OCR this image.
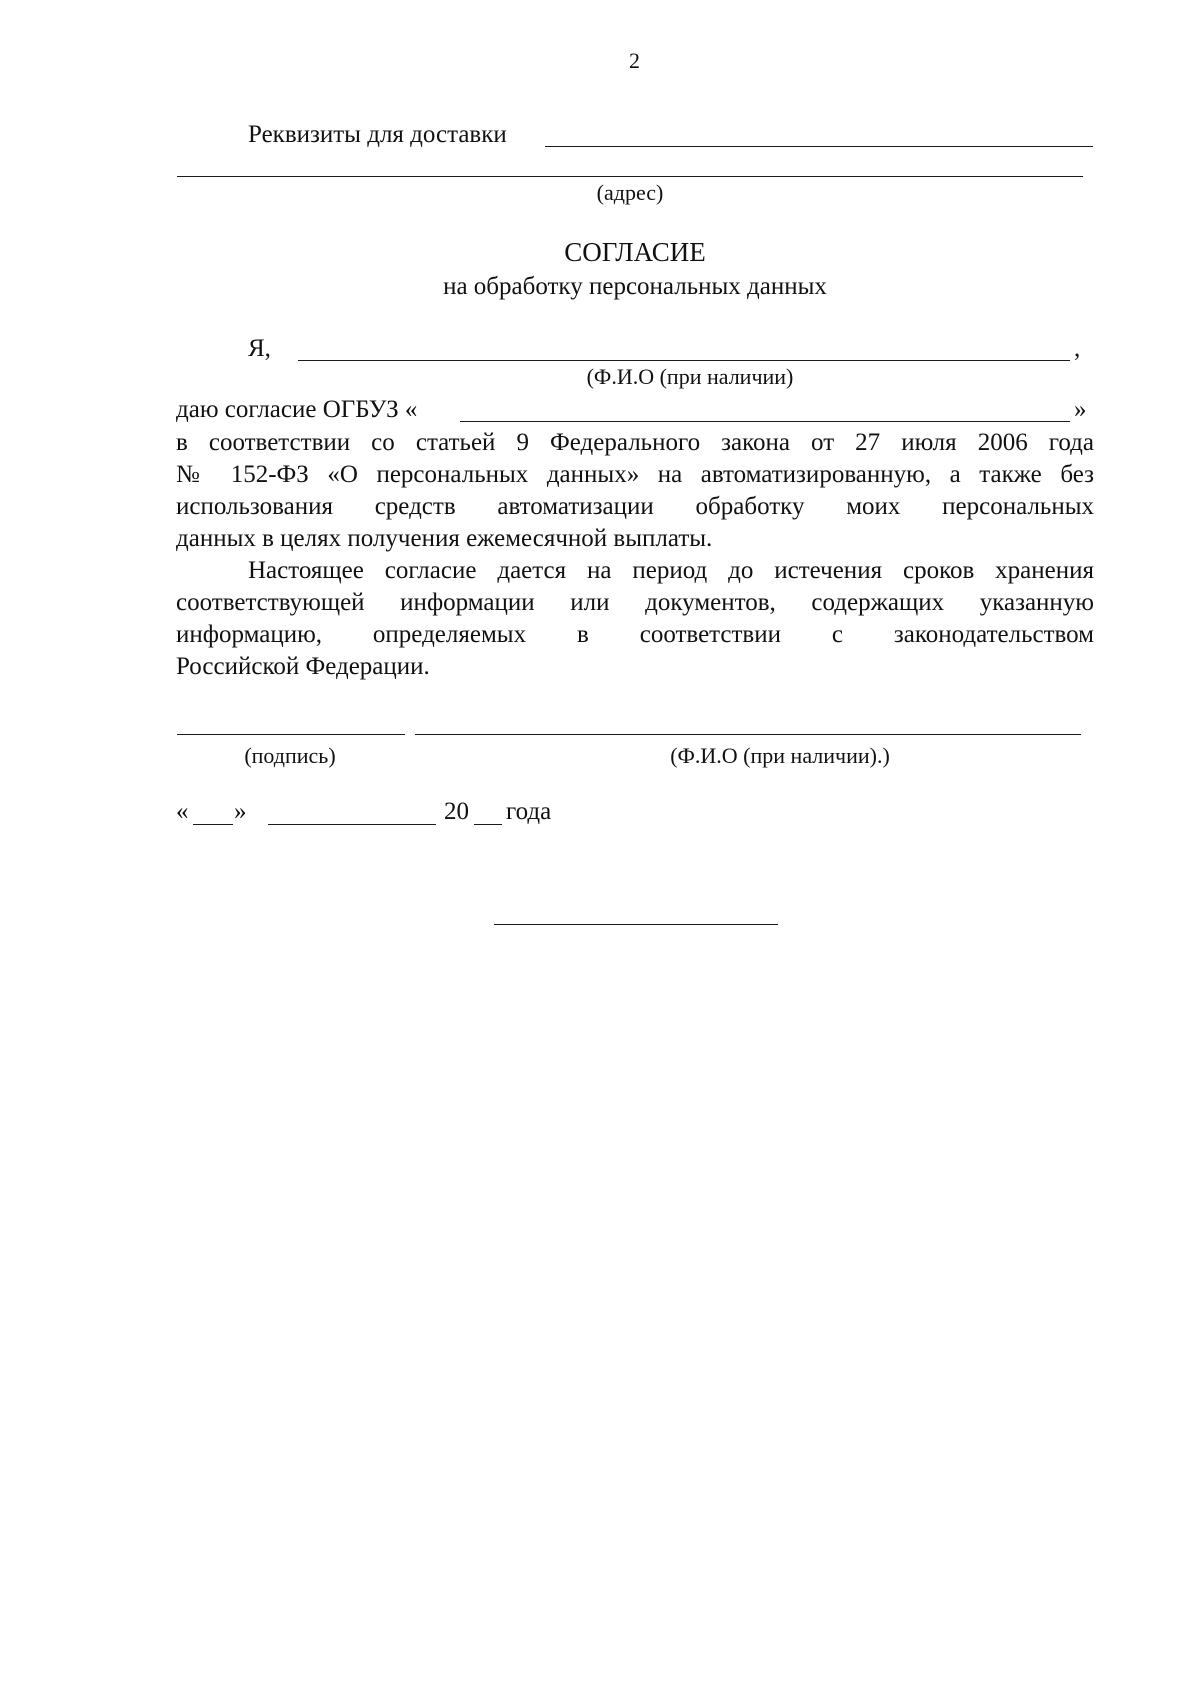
2
Реквизиты для доставки
(адрес)
СОГЛАСИЕ
на обработку персональных данных
Я,	,
(Ф.И.О (при наличии)
даю согласие ОГБУЗ «	»
в соответствии со статьей 9 Федерального закона от 27 июля 2006 года
№ 152-ФЗ «О персональных данных» на автоматизированную, а также без
использования средств автоматизации обработку моих персональных
данных в целях получения ежемесячной выплаты.
Настоящее согласие дается на период до истечения сроков хранения
соответствующей информации или документов, содержащих указанную
информацию, определяемых в соответствии с законодательством
Российской Федерации.
(подпись)	(Ф.И.О (при наличии).)
« »	20 года
